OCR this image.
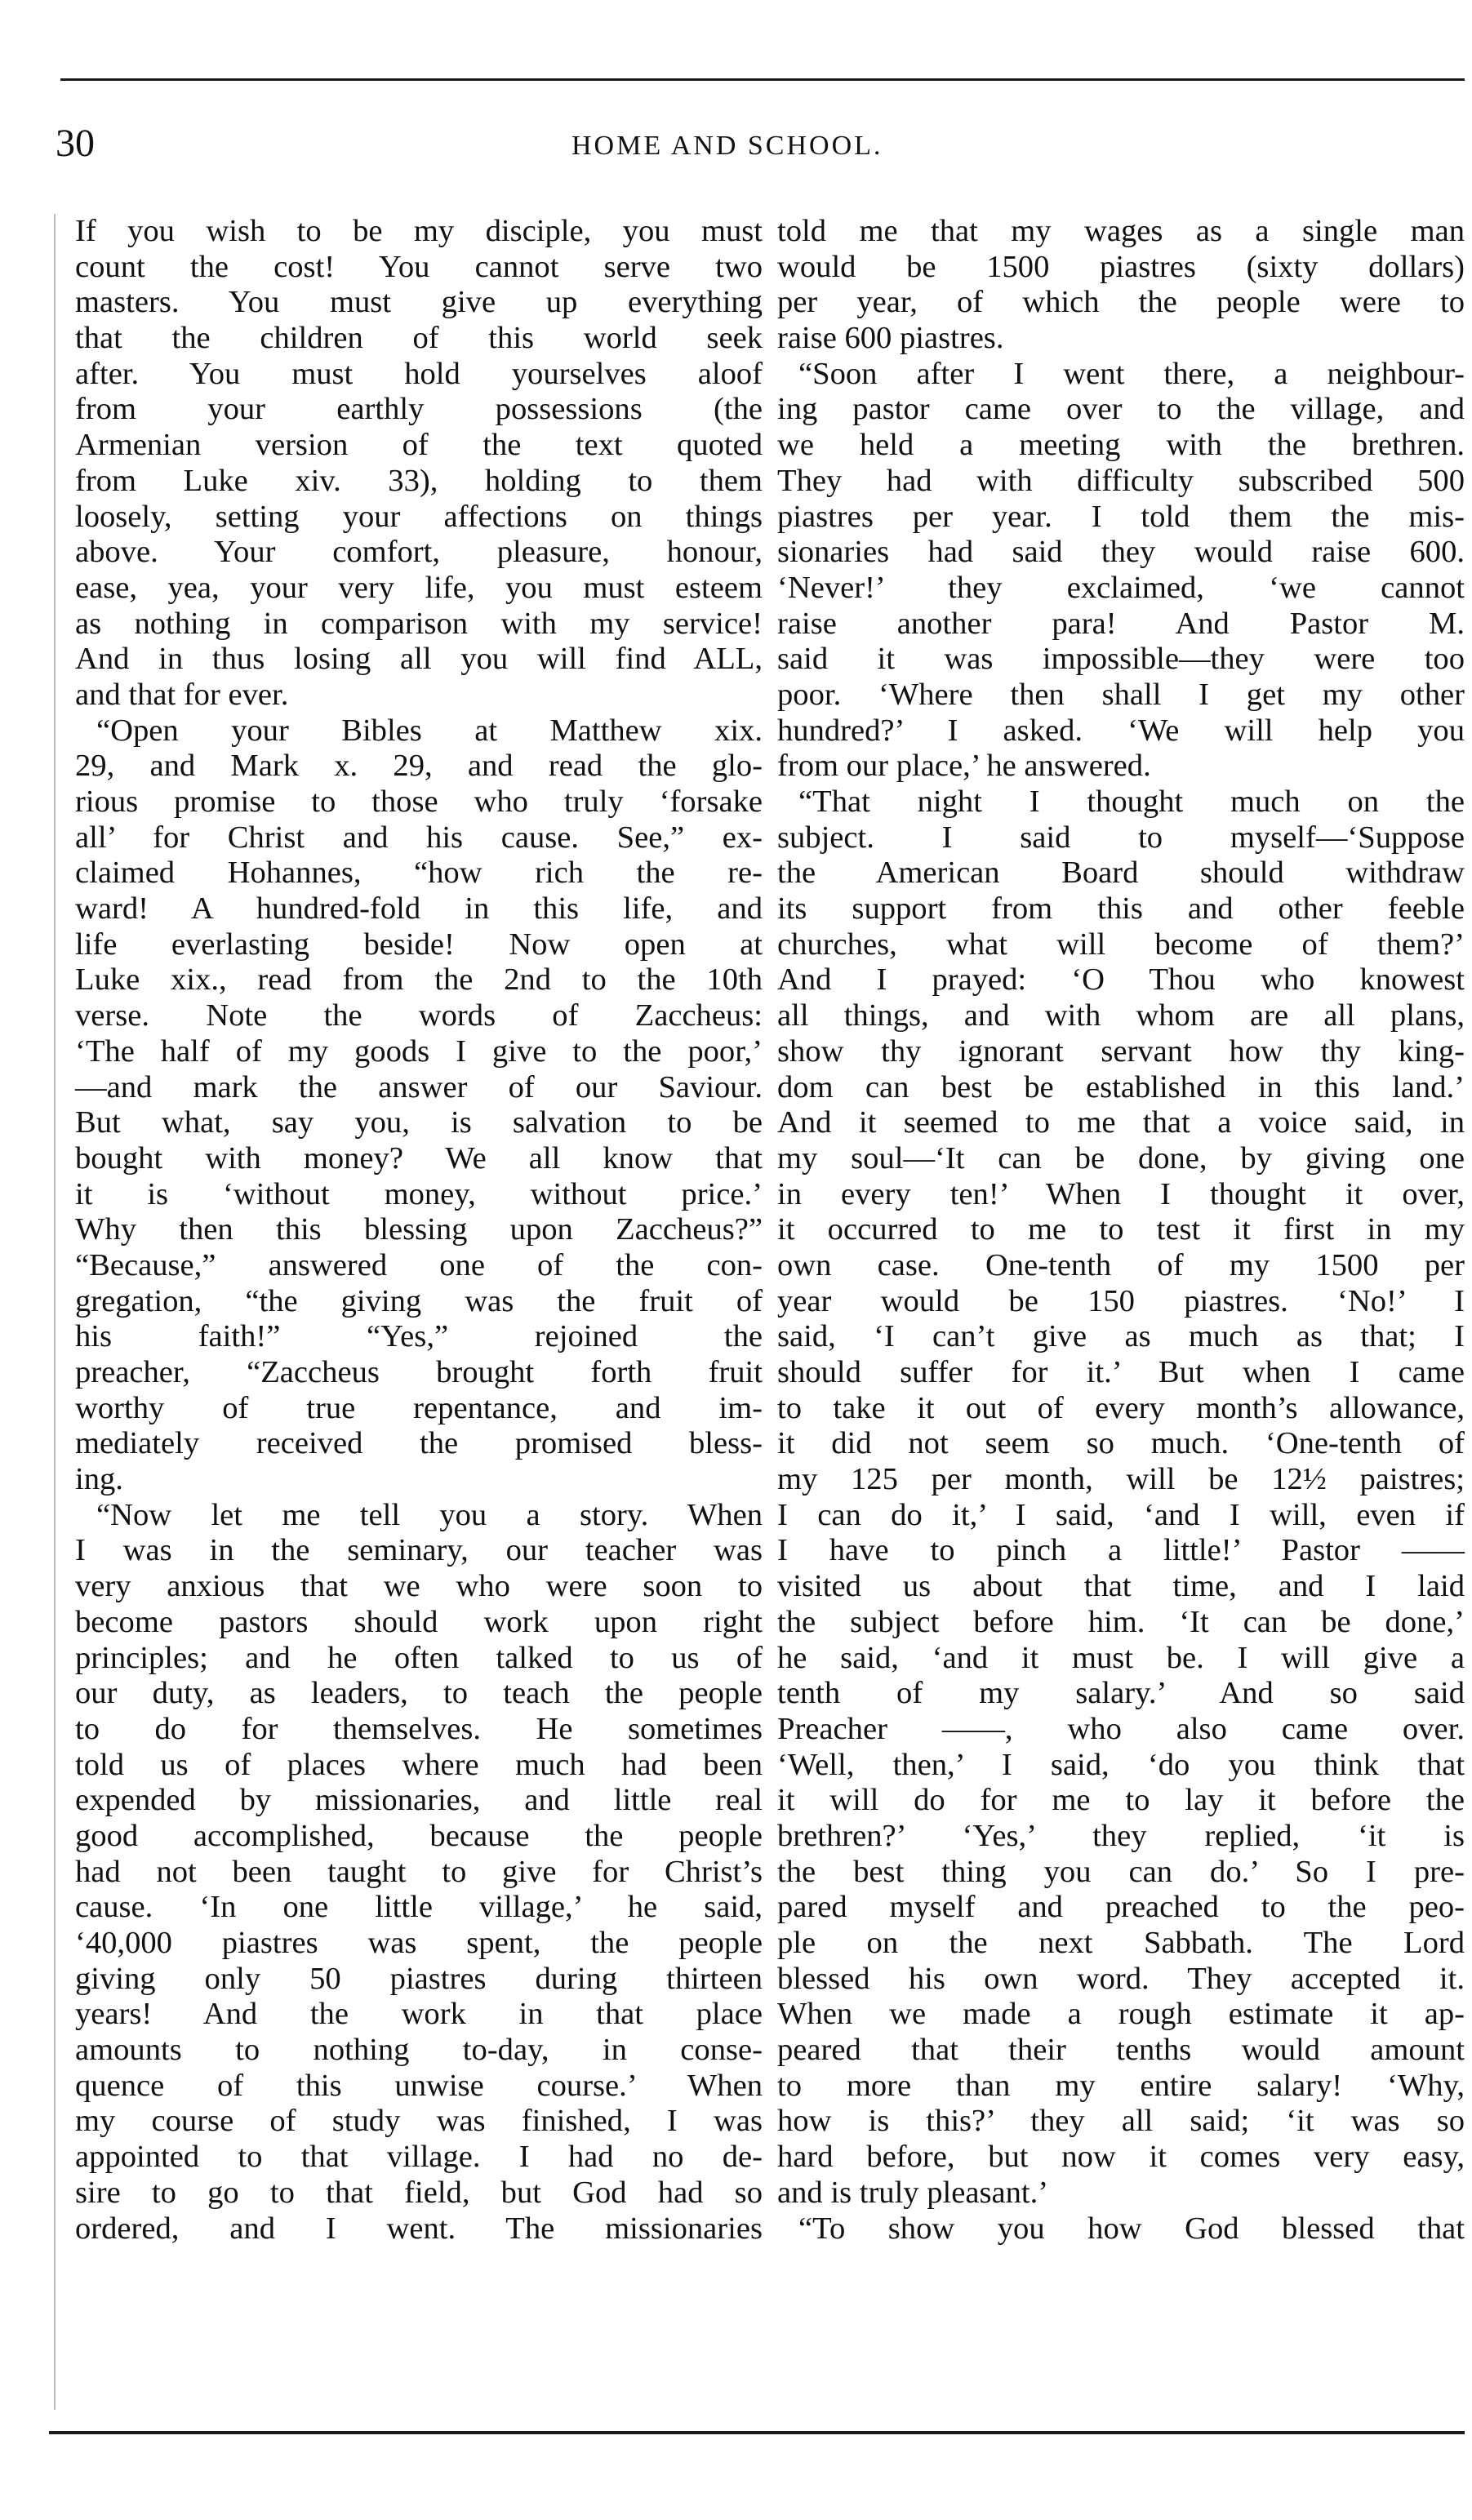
30	HOME AND SCHOOL.
If you wish to be my disciple, you must
count the cost! You cannot serve two
masters. You must give up everything
that the children of this world seek
after. You must hold yourselves aloof
from your earthly possessions (the
Armenian version of the text quoted
from Luke xiv. 33), holding to them
loosely, setting your affections on things
above. Your comfort, pleasure, honour,
ease, yea, your very life, you must esteem
as nothing in comparison with my service!
And in thus losing all you will find ALL,
and that for ever.
“Open your Bibles at Matthew xix.
29, and Mark x. 29, and read the glo-
rious promise to those who truly ‘forsake
all’ for Christ and his cause. See,” ex-
claimed Hohannes, “how rich the re-
ward! A hundred-fold in this life, and
life everlasting beside! Now open at
Luke xix., read from the 2nd to the 10th
verse. Note the words of Zaccheus:
‘The half of my goods I give to the poor,’
—and mark the answer of our Saviour.
But what, say you, is salvation to be
bought with money? We all know that
it is ‘without money, without price.’
Why then this blessing upon Zaccheus?”
“Because,” answered one of the con-
gregation, “the giving was the fruit of
his faith!” “Yes,” rejoined the
preacher, “Zaccheus brought forth fruit
worthy of true repentance, and im-
mediately received the promised bless-
ing.
“Now let me tell you a story. When
I was in the seminary, our teacher was
very anxious that we who were soon to
become pastors should work upon right
principles; and he often talked to us of
our duty, as leaders, to teach the people
to do for themselves. He sometimes
told us of places where much had been
expended by missionaries, and little real
good accomplished, because the people
had not been taught to give for Christ’s
cause. ‘In one little village,’ he said,
‘40,000 piastres was spent, the people
giving only 50 piastres during thirteen
years! And the work in that place
amounts to nothing to-day, in conse-
quence of this unwise course.’ When
my course of study was finished, I was
appointed to that village. I had no de-
sire to go to that field, but God had so
ordered, and I went. The missionaries
told me that my wages as a single man
would be 1500 piastres (sixty dollars)
per year, of which the people were to
raise 600 piastres.
“Soon after I went there, a neighbour-
ing pastor came over to the village, and
we held a meeting with the brethren.
They had with difficulty subscribed 500
piastres per year. I told them the mis-
sionaries had said they would raise 600.
‘Never!’ they exclaimed, ‘we cannot
raise another para! And Pastor M.
said it was impossible—they were too
poor. ‘Where then shall I get my other
hundred?’ I asked. ‘We will help you
from our place,’ he answered.
“That night I thought much on the
subject. I said to myself—‘Suppose
the American Board should withdraw
its support from this and other feeble
churches, what will become of them?’
And I prayed: ‘O Thou who knowest
all things, and with whom are all plans,
show thy ignorant servant how thy king-
dom can best be established in this land.’
And it seemed to me that a voice said, in
my soul—‘It can be done, by giving one
in every ten!’ When I thought it over,
it occurred to me to test it first in my
own case. One-tenth of my 1500 per
year would be 150 piastres. ‘No!’ I
said, ‘I can’t give as much as that; I
should suffer for it.’ But when I came
to take it out of every month’s allowance,
it did not seem so much. ‘One-tenth of
my 125 per month, will be 12½ paistres;
I can do it,’ I said, ‘and I will, even if
I have to pinch a little!’ Pastor ——
visited us about that time, and I laid
the subject before him. ‘It can be done,’
he said, ‘and it must be. I will give a
tenth of my salary.’ And so said
Preacher ——, who also came over.
‘Well, then,’ I said, ‘do you think that
it will do for me to lay it before the
brethren?’ ‘Yes,’ they replied, ‘it is
the best thing you can do.’ So I pre-
pared myself and preached to the peo-
ple on the next Sabbath. The Lord
blessed his own word. They accepted it.
When we made a rough estimate it ap-
peared that their tenths would amount
to more than my entire salary! ‘Why,
how is this?’ they all said; ‘it was so
hard before, but now it comes very easy,
and is truly pleasant.’
“To show you how God blessed that
